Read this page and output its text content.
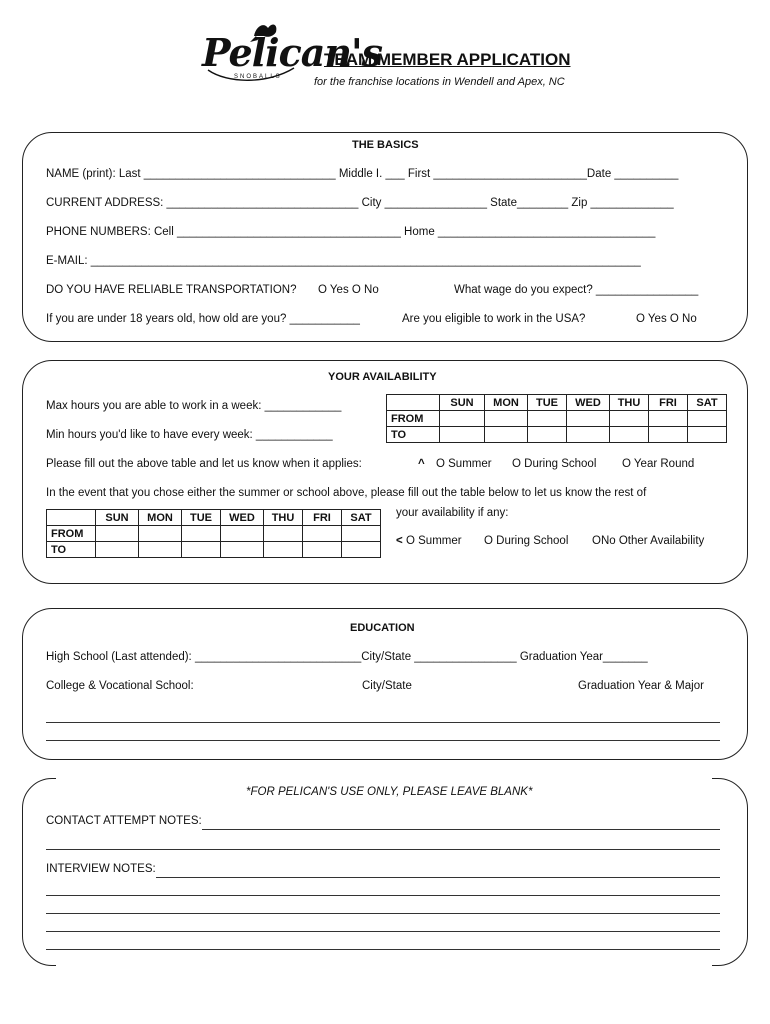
Pelican's
SNOBALLS
TEAM MEMBER APPLICATION
for the franchise locations in Wendell and Apex, NC
THE BASICS
NAME (print): Last ______________________________ Middle I. ___ First ________________________Date __________
CURRENT ADDRESS: ______________________________ City ________________ State________ Zip _____________
PHONE NUMBERS: Cell ___________________________________ Home __________________________________
E-MAIL: ______________________________________________________________________________________
DO YOU HAVE RELIABLE TRANSPORTATION? O Yes O No	What wage do you expect? ________________
If you are under 18 years old, how old are you? ___________	Are you eligible to work in the USA?	O Yes O No
YOUR AVAILABILITY
Max hours you are able to work in a week: ____________
Min hours you'd like to have every week: ____________
	SUN	MON	TUE	WED	THU	FRI	SAT
FROM							
TO							
Please fill out the above table and let us know when it applies:	^ O Summer O During School O Year Round
In the event that you chose either the summer or school above, please fill out the table below to let us know the rest of
	SUN	MON	TUE	WED	THU	FRI	SAT
FROM							
TO							
your availability if any:
< O Summer O During School ONo Other Availability
EDUCATION
High School (Last attended): __________________________City/State ________________ Graduation Year_______
College & Vocational School:	City/State	Graduation Year & Major
*FOR PELICAN'S USE ONLY, PLEASE LEAVE BLANK*
CONTACT ATTEMPT NOTES:
INTERVIEW NOTES:
